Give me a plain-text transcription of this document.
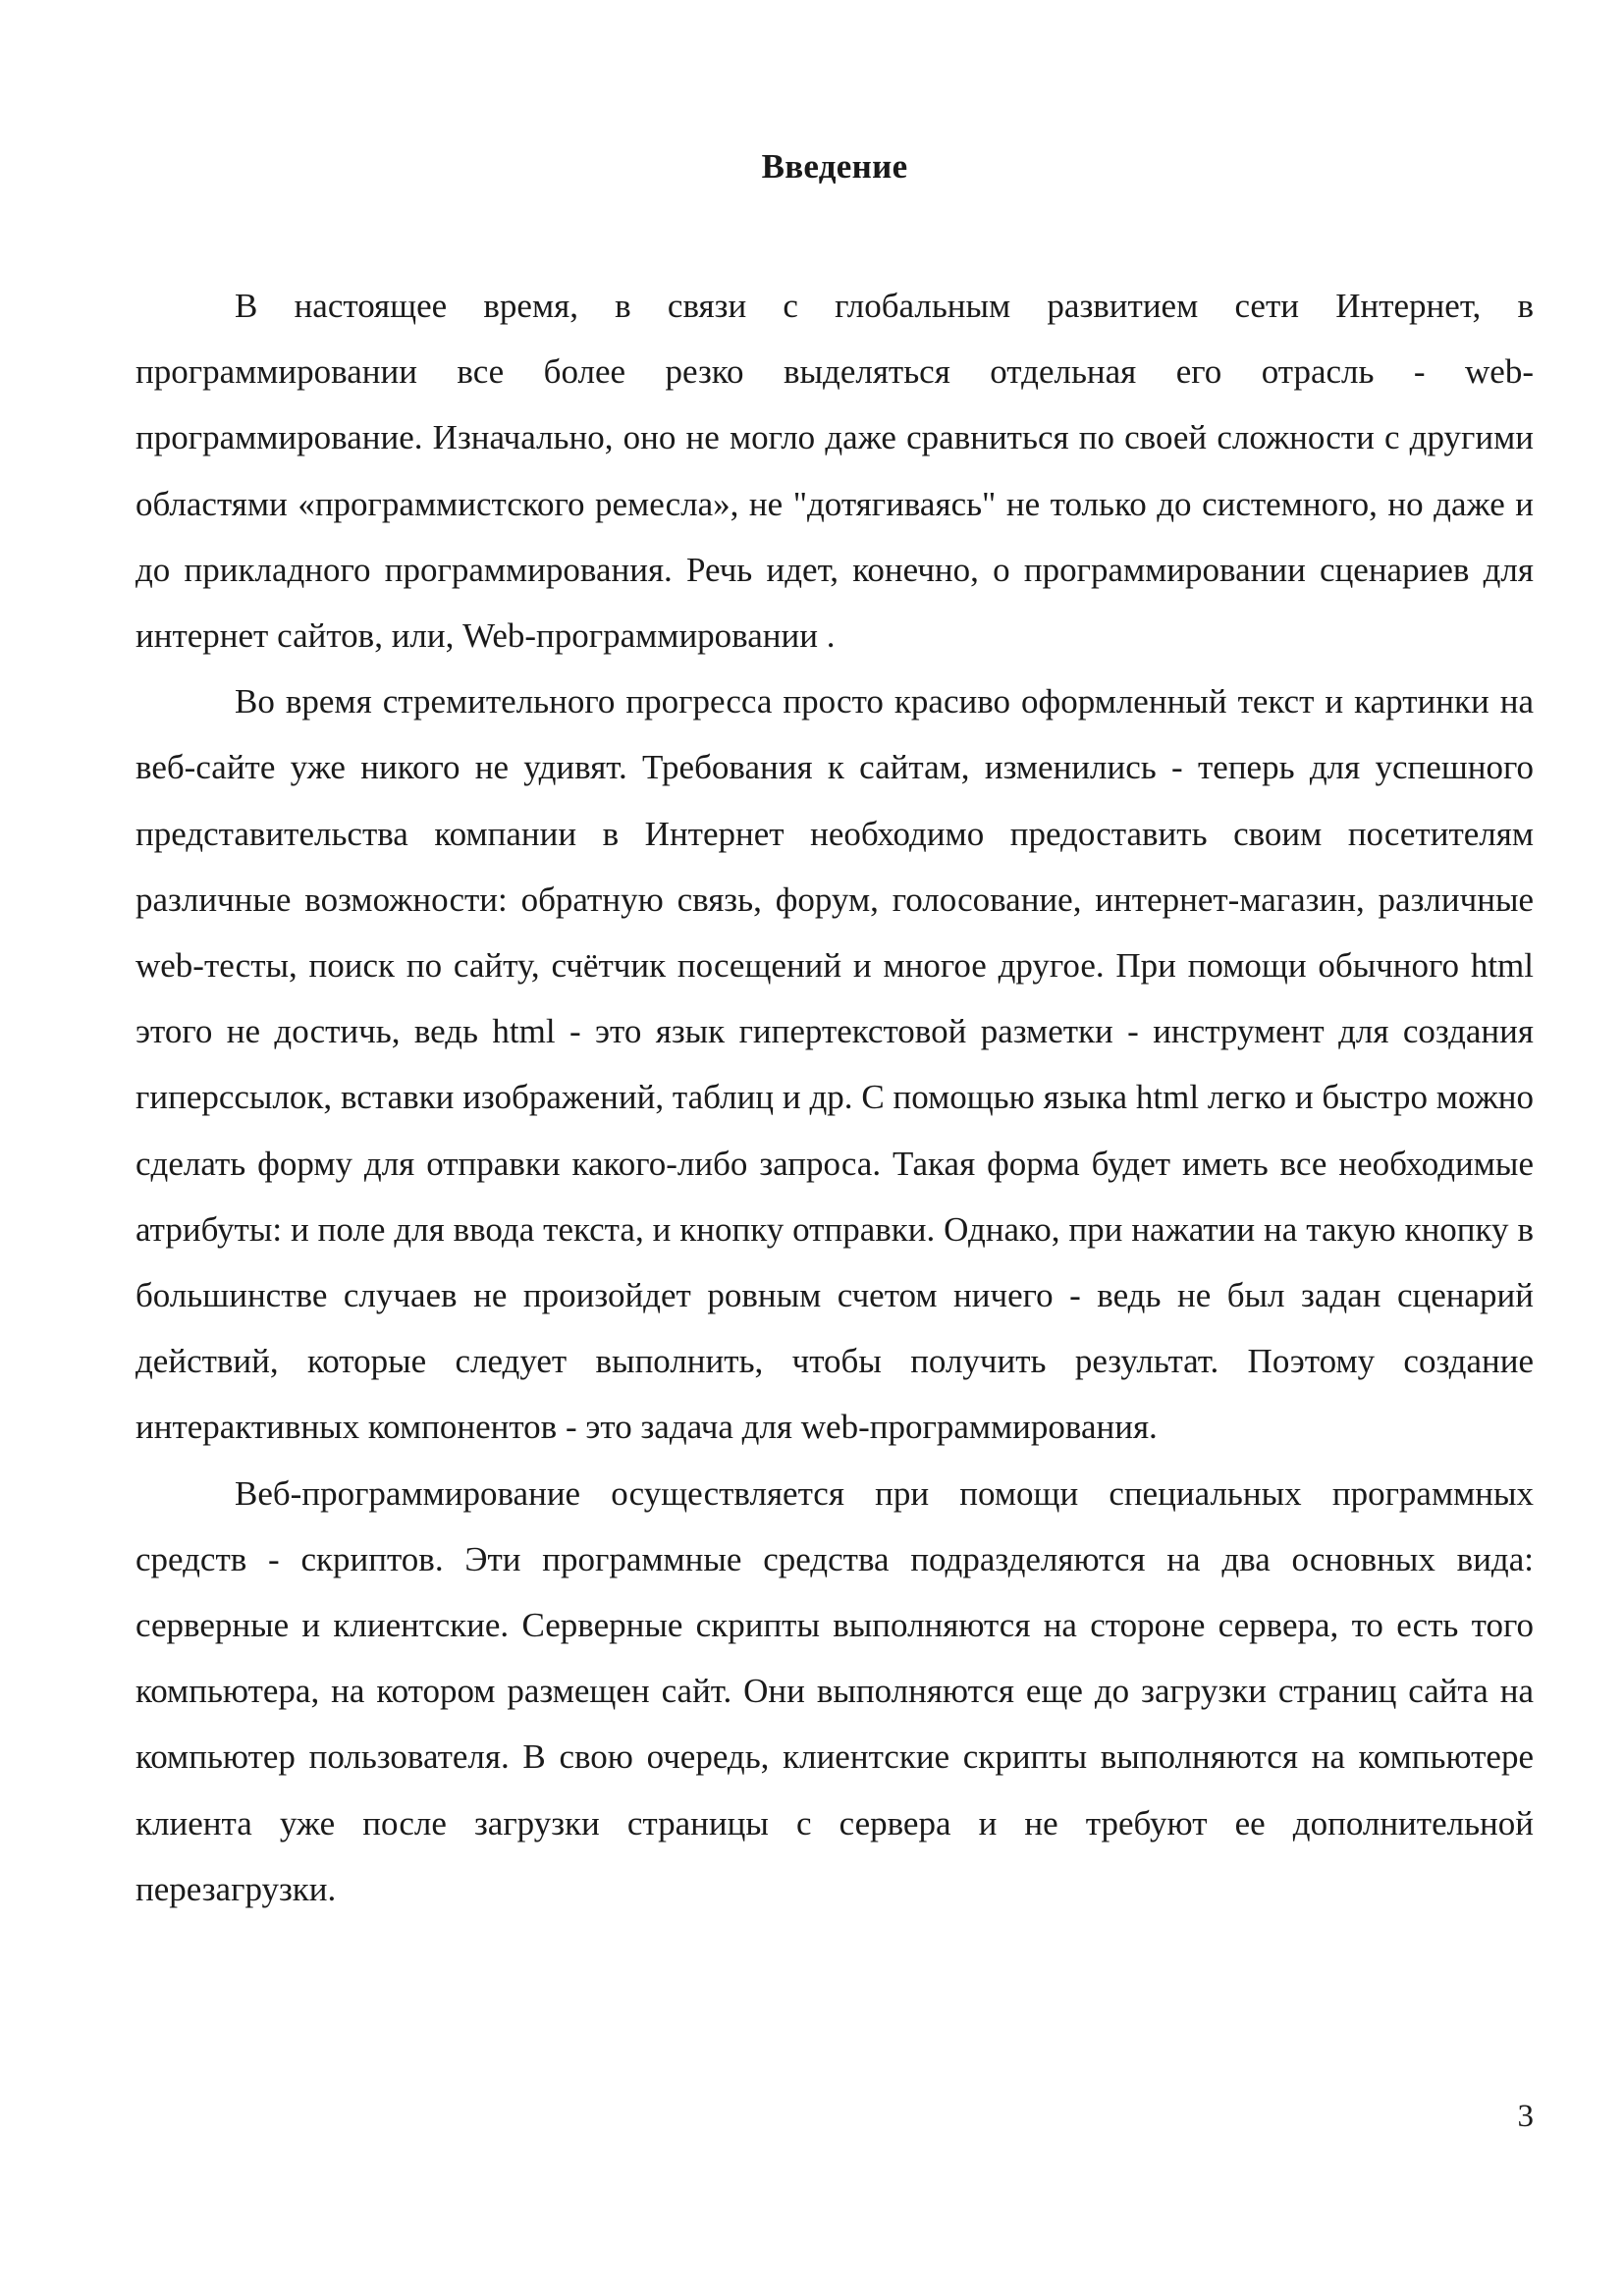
Введение

В настоящее время, в связи с глобальным развитием сети Интернет, в программировании все более резко выделяться отдельная его отрасль - web-программирование. Изначально, оно не могло даже сравниться по своей сложности с другими областями «программистского ремесла», не "дотягиваясь" не только до системного, но даже и до прикладного программирования. Речь идет, конечно, о программировании сценариев для интернет сайтов, или, Web-программировании .

Во время стремительного прогресса просто красиво оформленный текст и картинки на веб-сайте уже никого не удивят. Требования к сайтам, изменились - теперь для успешного представительства компании в Интернет необходимо предоставить своим посетителям различные возможности: обратную связь, форум, голосование, интернет-магазин, различные web-тесты, поиск по сайту, счётчик посещений и многое другое. При помощи обычного html этого не достичь, ведь html - это язык гипертекстовой разметки - инструмент для создания гиперссылок, вставки изображений, таблиц и др. С помощью языка html легко и быстро можно сделать форму для отправки какого-либо запроса. Такая форма будет иметь все необходимые атрибуты: и поле для ввода текста, и кнопку отправки. Однако, при нажатии на такую кнопку в большинстве случаев не произойдет ровным счетом ничего - ведь не был задан сценарий действий, которые следует выполнить, чтобы получить результат. Поэтому создание интерактивных компонентов - это задача для web-программирования.

Веб-программирование осуществляется при помощи специальных программных средств - скриптов. Эти программные средства подразделяются на два основных вида: серверные и клиентские. Серверные скрипты выполняются на стороне сервера, то есть того компьютера, на котором размещен сайт. Они выполняются еще до загрузки страниц сайта на компьютер пользователя. В свою очередь, клиентские скрипты выполняются на компьютере клиента уже после загрузки страницы с сервера и не требуют ее дополнительной перезагрузки.

3
